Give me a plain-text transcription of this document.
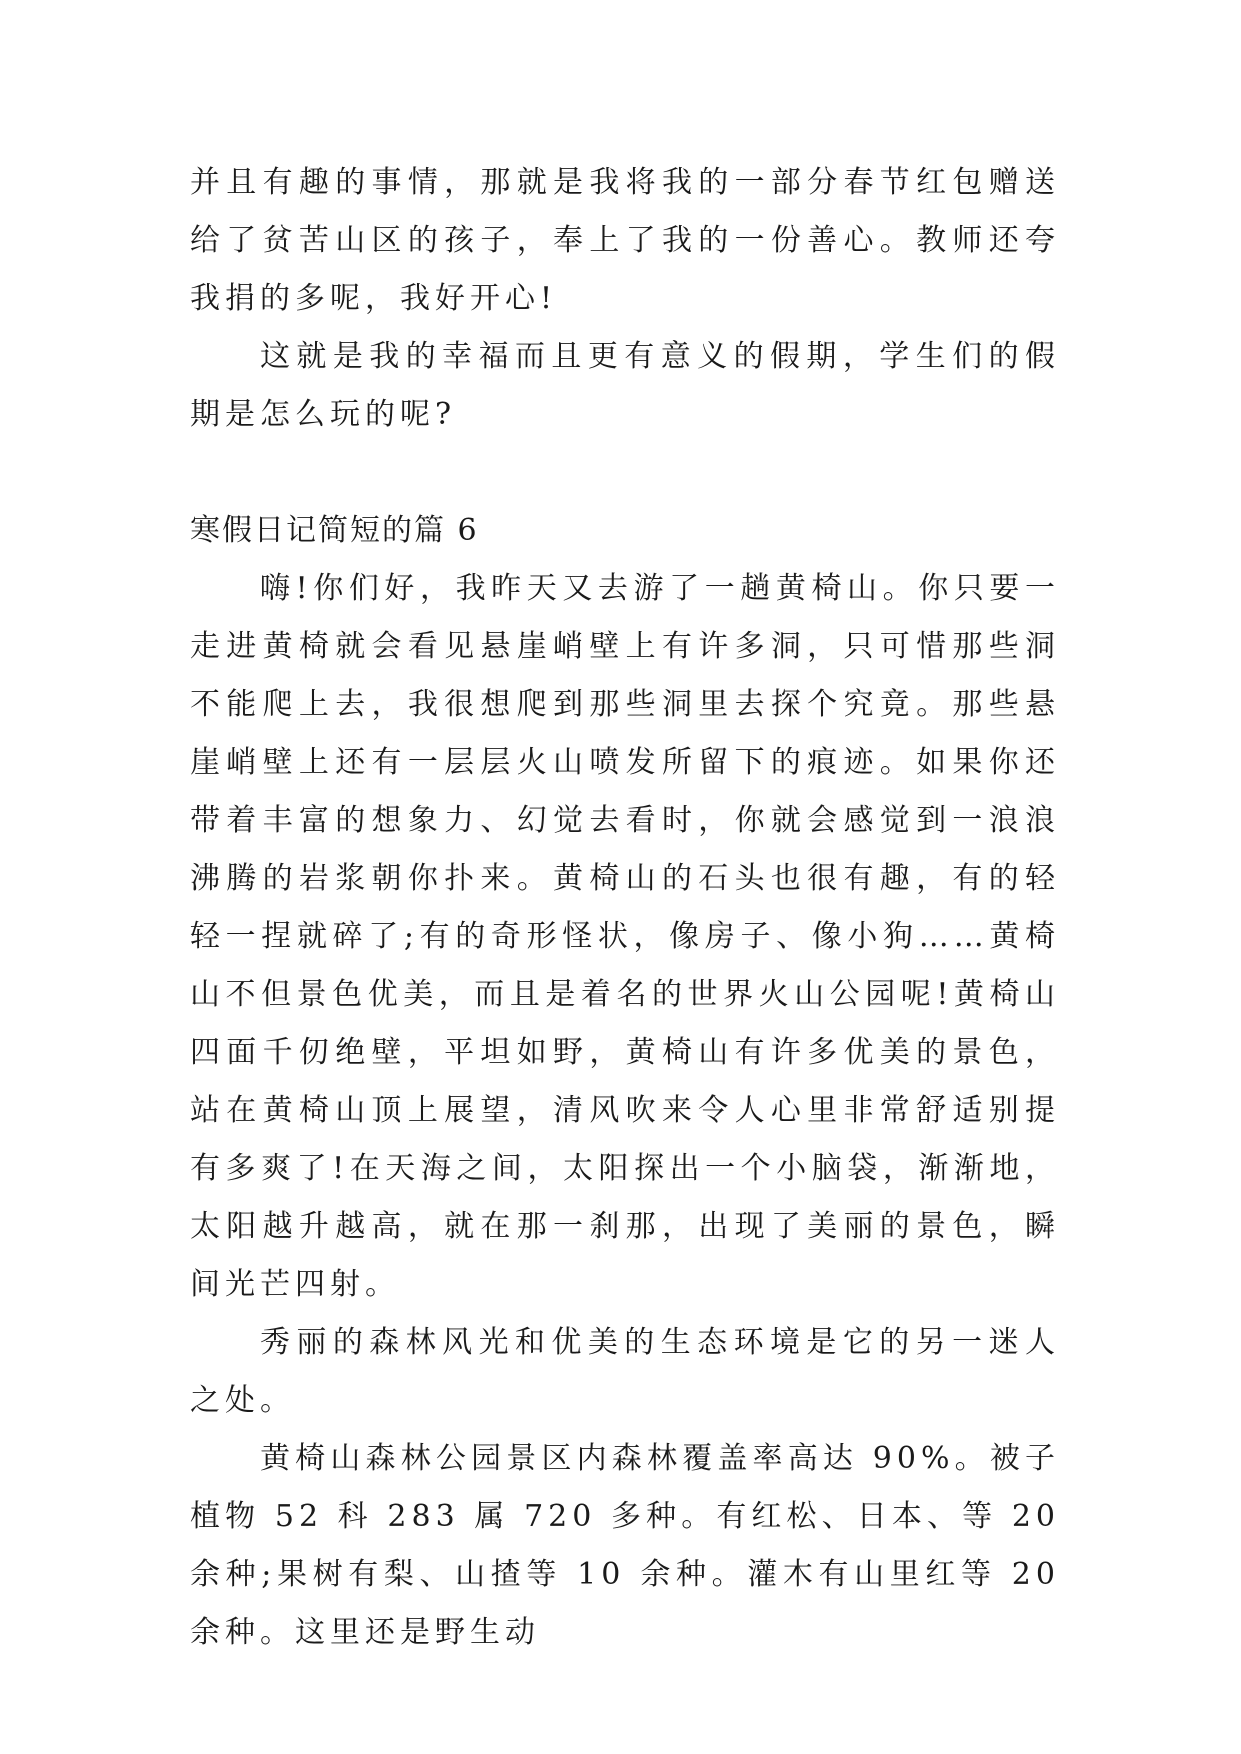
并且有趣的事情，那就是我将我的一部分春节红包赠送给了贫苦山区的孩子，奉上了我的一份善心。教师还夸我捐的多呢，我好开心!

这就是我的幸福而且更有意义的假期，学生们的假期是怎么玩的呢?

寒假日记简短的篇 6

嗨!你们好，我昨天又去游了一趟黄椅山。你只要一走进黄椅就会看见悬崖峭壁上有许多洞，只可惜那些洞不能爬上去，我很想爬到那些洞里去探个究竟。那些悬崖峭壁上还有一层层火山喷发所留下的痕迹。如果你还带着丰富的想象力、幻觉去看时，你就会感觉到一浪浪沸腾的岩浆朝你扑来。黄椅山的石头也很有趣，有的轻轻一捏就碎了;有的奇形怪状，像房子、像小狗……黄椅山不但景色优美，而且是着名的世界火山公园呢!黄椅山四面千仞绝壁，平坦如野，黄椅山有许多优美的景色，站在黄椅山顶上展望，清风吹来令人心里非常舒适别提有多爽了!在天海之间，太阳探出一个小脑袋，渐渐地，太阳越升越高，就在那一刹那，出现了美丽的景色，瞬间光芒四射。

秀丽的森林风光和优美的生态环境是它的另一迷人之处。

黄椅山森林公园景区内森林覆盖率高达 90%。被子植物 52 科 283 属 720 多种。有红松、日本、等 20 余种;果树有梨、山揸等 10 余种。灌木有山里红等 20 余种。这里还是野生动
